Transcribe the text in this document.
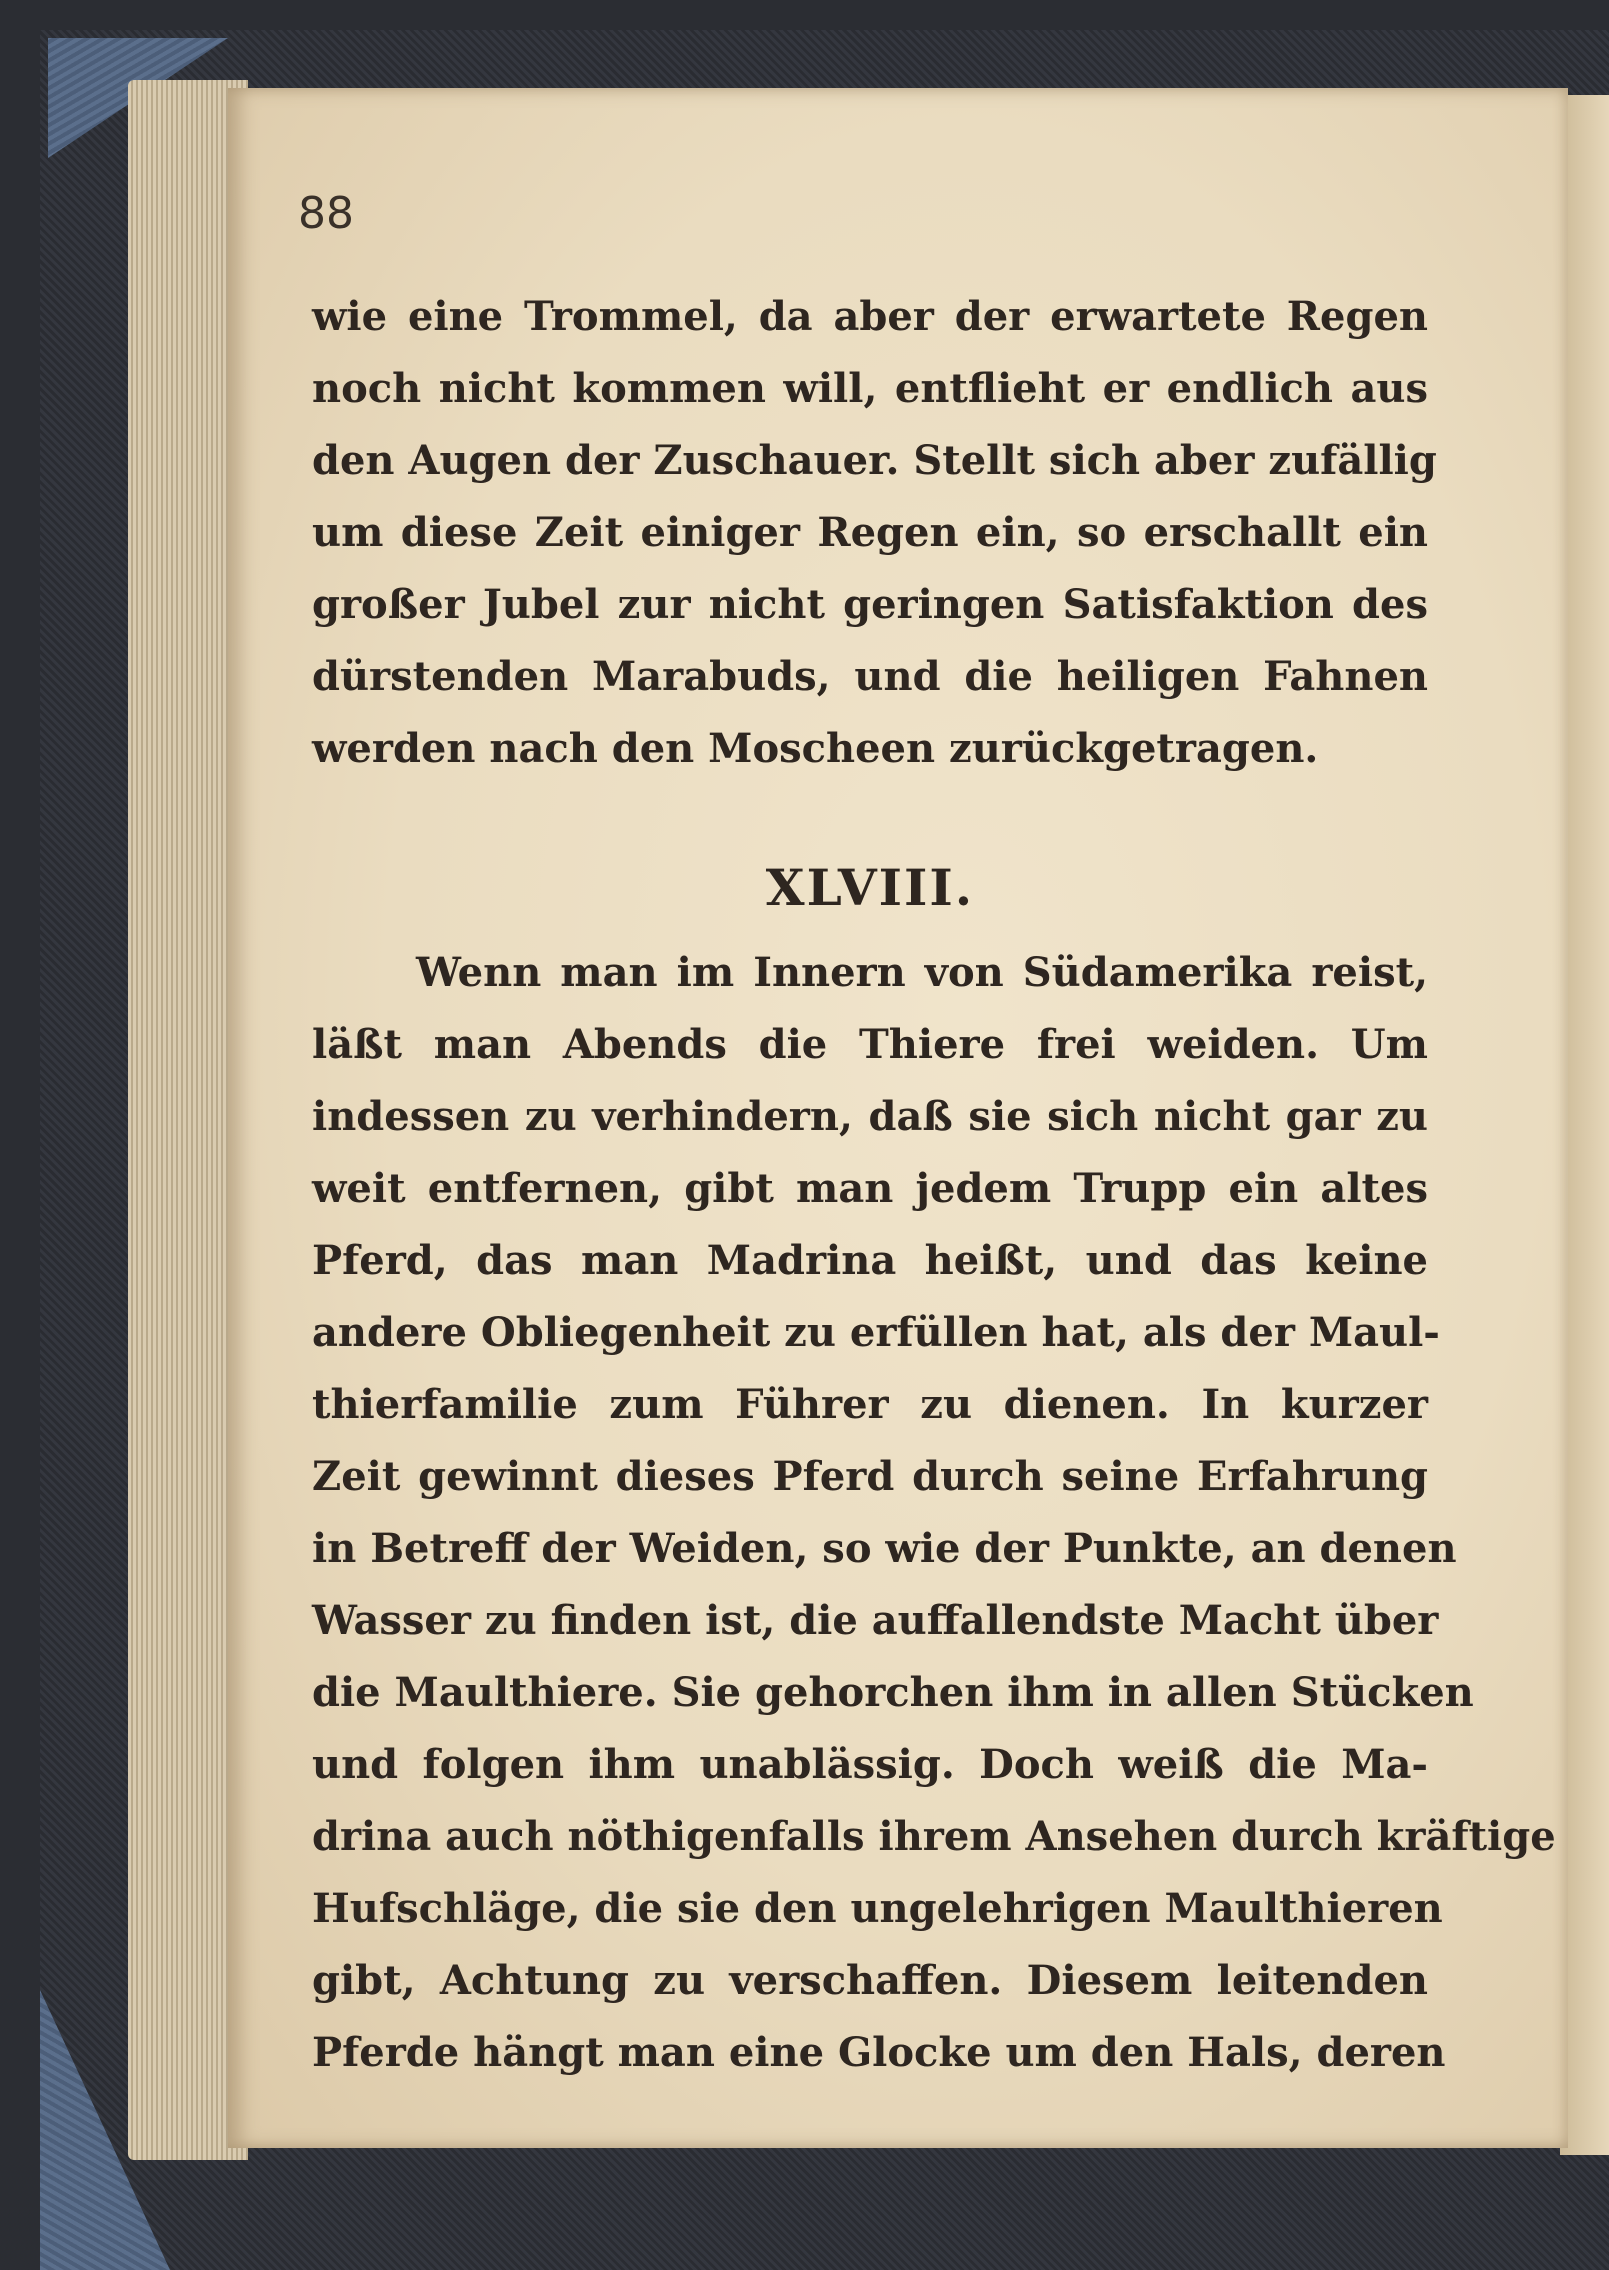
88
wie eine Trommel, da aber der erwartete Regen
noch nicht kommen will, entflieht er endlich aus
den Augen der Zuschauer. Stellt sich aber zufällig
um diese Zeit einiger Regen ein, so erschallt ein
großer Jubel zur nicht geringen Satisfaktion des
dürstenden Marabuds, und die heiligen Fahnen
werden nach den Moscheen zurückgetragen.
XLVIII.
Wenn man im Innern von Südamerika reist,
läßt man Abends die Thiere frei weiden. Um
indessen zu verhindern, daß sie sich nicht gar zu
weit entfernen, gibt man jedem Trupp ein altes
Pferd, das man Madrina heißt, und das keine
andere Obliegenheit zu erfüllen hat, als der Maul-
thierfamilie zum Führer zu dienen. In kurzer
Zeit gewinnt dieses Pferd durch seine Erfahrung
in Betreff der Weiden, so wie der Punkte, an denen
Wasser zu finden ist, die auffallendste Macht über
die Maulthiere. Sie gehorchen ihm in allen Stücken
und folgen ihm unablässig. Doch weiß die Ma-
drina auch nöthigenfalls ihrem Ansehen durch kräftige
Hufschläge, die sie den ungelehrigen Maulthieren
gibt, Achtung zu verschaffen. Diesem leitenden
Pferde hängt man eine Glocke um den Hals, deren
